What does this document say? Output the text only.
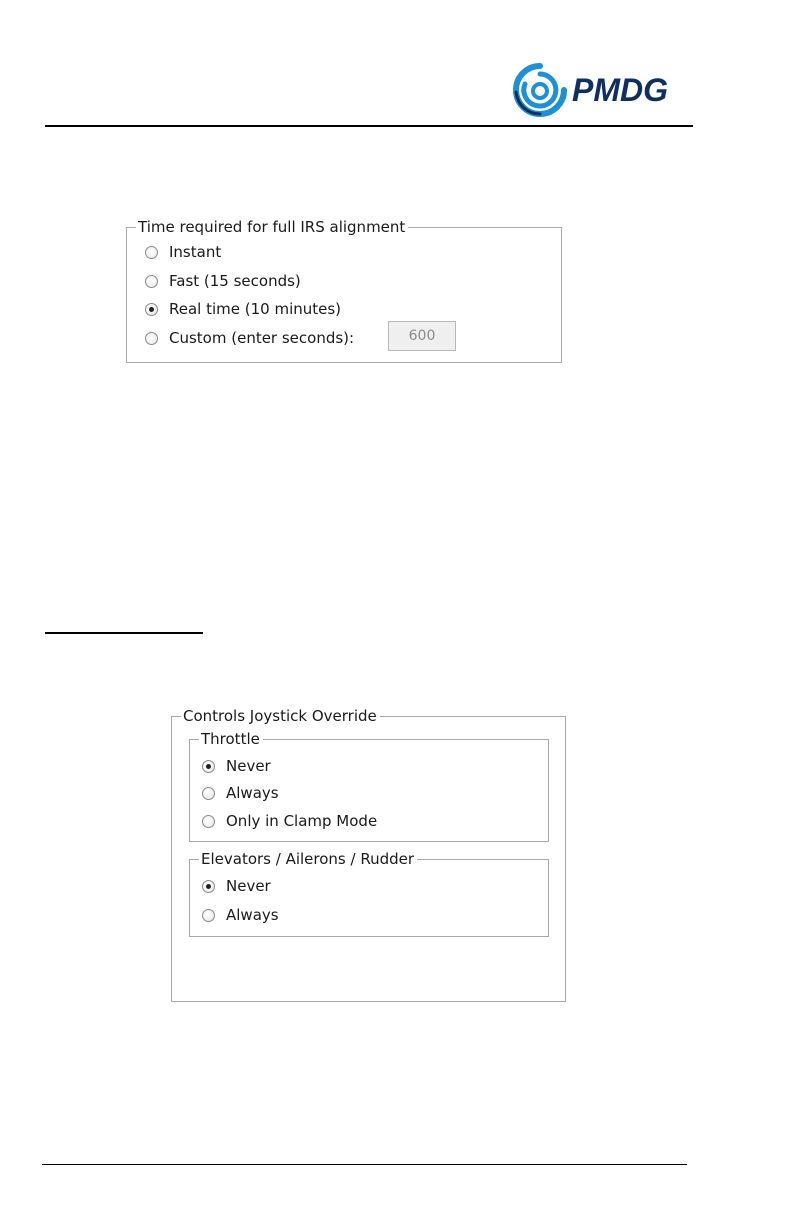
PMDG
Time required for full IRS alignment
Instant
Fast (15 seconds)
Real time (10 minutes)
Custom (enter seconds):
600
Controls Joystick Override
Throttle
Never
Always
Only in Clamp Mode
Elevators / Ailerons / Rudder
Never
Always
